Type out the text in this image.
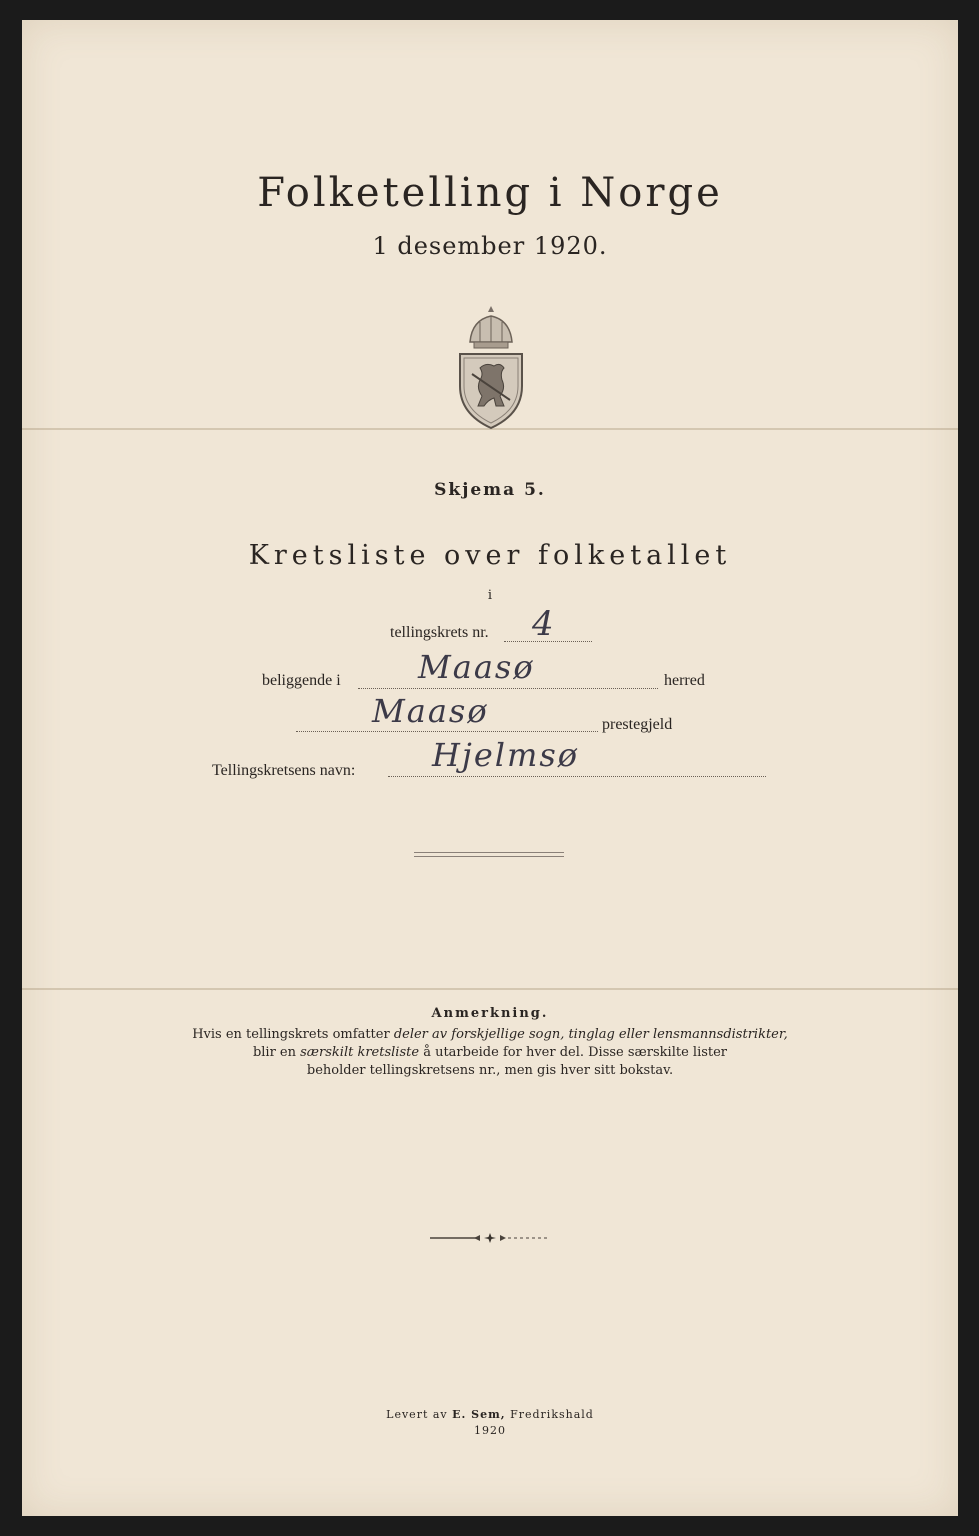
Folketelling i Norge
1 desember 1920.
Skjema 5.
Kretsliste over folketallet
i
tellingskrets nr. 4
beliggende i Maasø	herred
Maasø	prestegjeld
Tellingskretsens navn: Hjelmsø
Anmerkning.
Hvis en tellingskrets omfatter deler av forskjellige sogn, tinglag eller lensmannsdistrikter,
blir en særskilt kretsliste å utarbeide for hver del. Disse særskilte lister
beholder tellingskretsens nr., men gis hver sitt bokstav.
Levert av E. Sem, Fredrikshald
1920
